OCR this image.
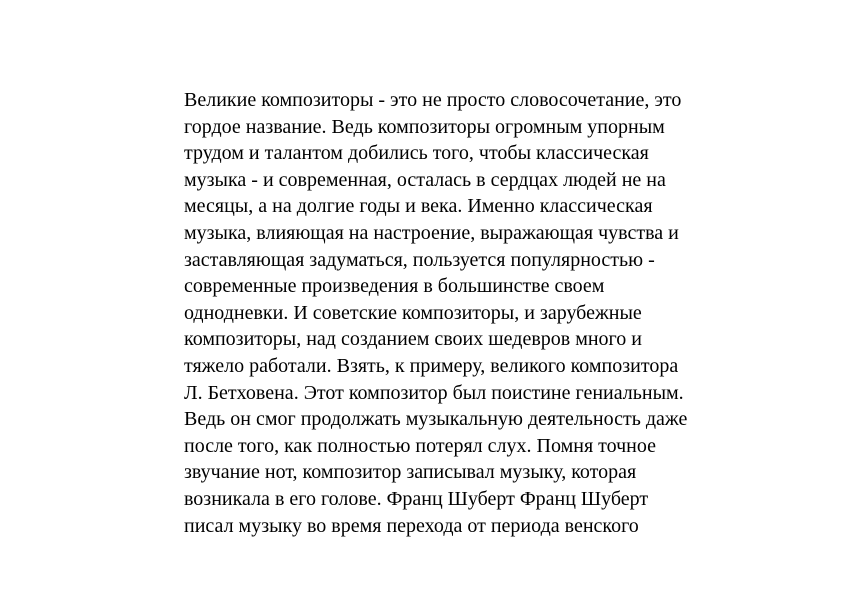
Великие композиторы - это не просто словосочетание, это
гордое название. Ведь композиторы огромным упорным
трудом и талантом добились того, чтобы классическая
музыка - и современная, осталась в сердцах людей не на
месяцы, а на долгие годы и века. Именно классическая
музыка, влияющая на настроение, выражающая чувства и
заставляющая задуматься, пользуется популярностью -
современные произведения в большинстве своем
однодневки. И советские композиторы, и зарубежные
композиторы, над созданием своих шедевров много и
тяжело работали. Взять, к примеру, великого композитора
Л. Бетховена. Этот композитор был поистине гениальным.
Ведь он смог продолжать музыкальную деятельность даже
после того, как полностью потерял слух. Помня точное
звучание нот, композитор записывал музыку, которая
возникала в его голове. Франц Шуберт Франц Шуберт
писал музыку во время перехода от периода венского
